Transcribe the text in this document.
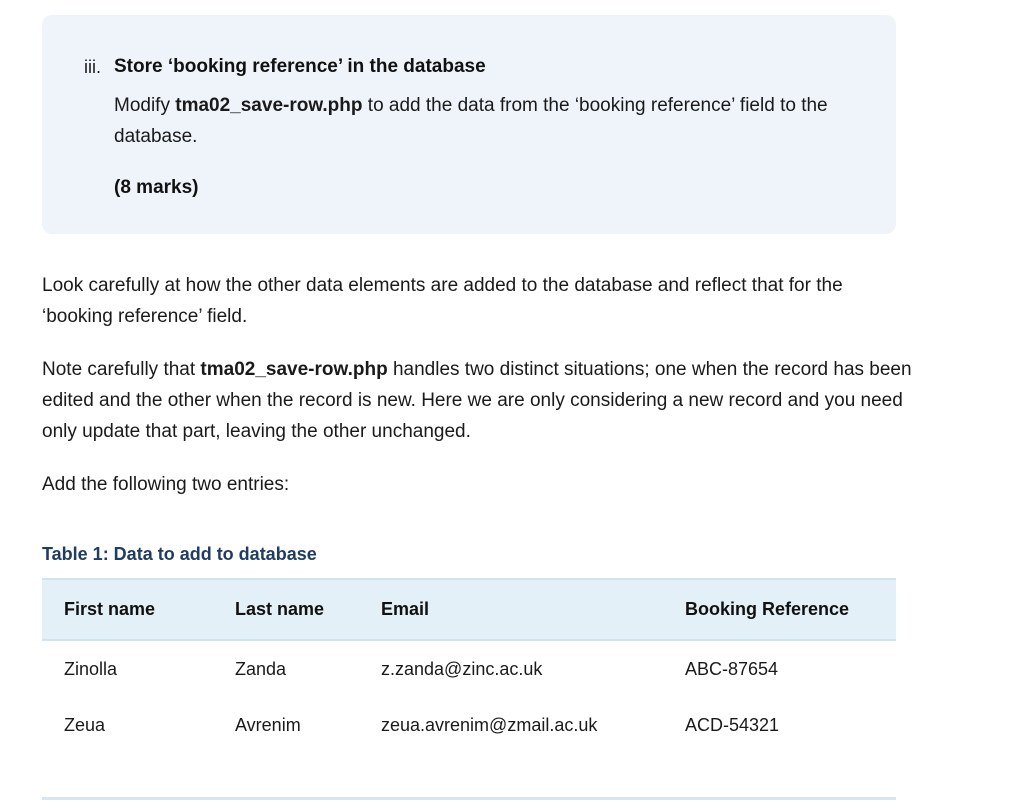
iii. Store ‘booking reference’ in the database
Modify tma02_save-row.php to add the data from the ‘booking reference’ field to the database.
(8 marks)

Look carefully at how the other data elements are added to the database and reflect that for the ‘booking reference’ field.

Note carefully that tma02_save-row.php handles two distinct situations; one when the record has been edited and the other when the record is new. Here we are only considering a new record and you need only update that part, leaving the other unchanged.

Add the following two entries:

Table 1: Data to add to database
First name	Last name	Email	Booking Reference
Zinolla	Zanda	z.zanda@zinc.ac.uk	ABC-87654
Zeua	Avrenim	zeua.avrenim@zmail.ac.uk	ACD-54321
